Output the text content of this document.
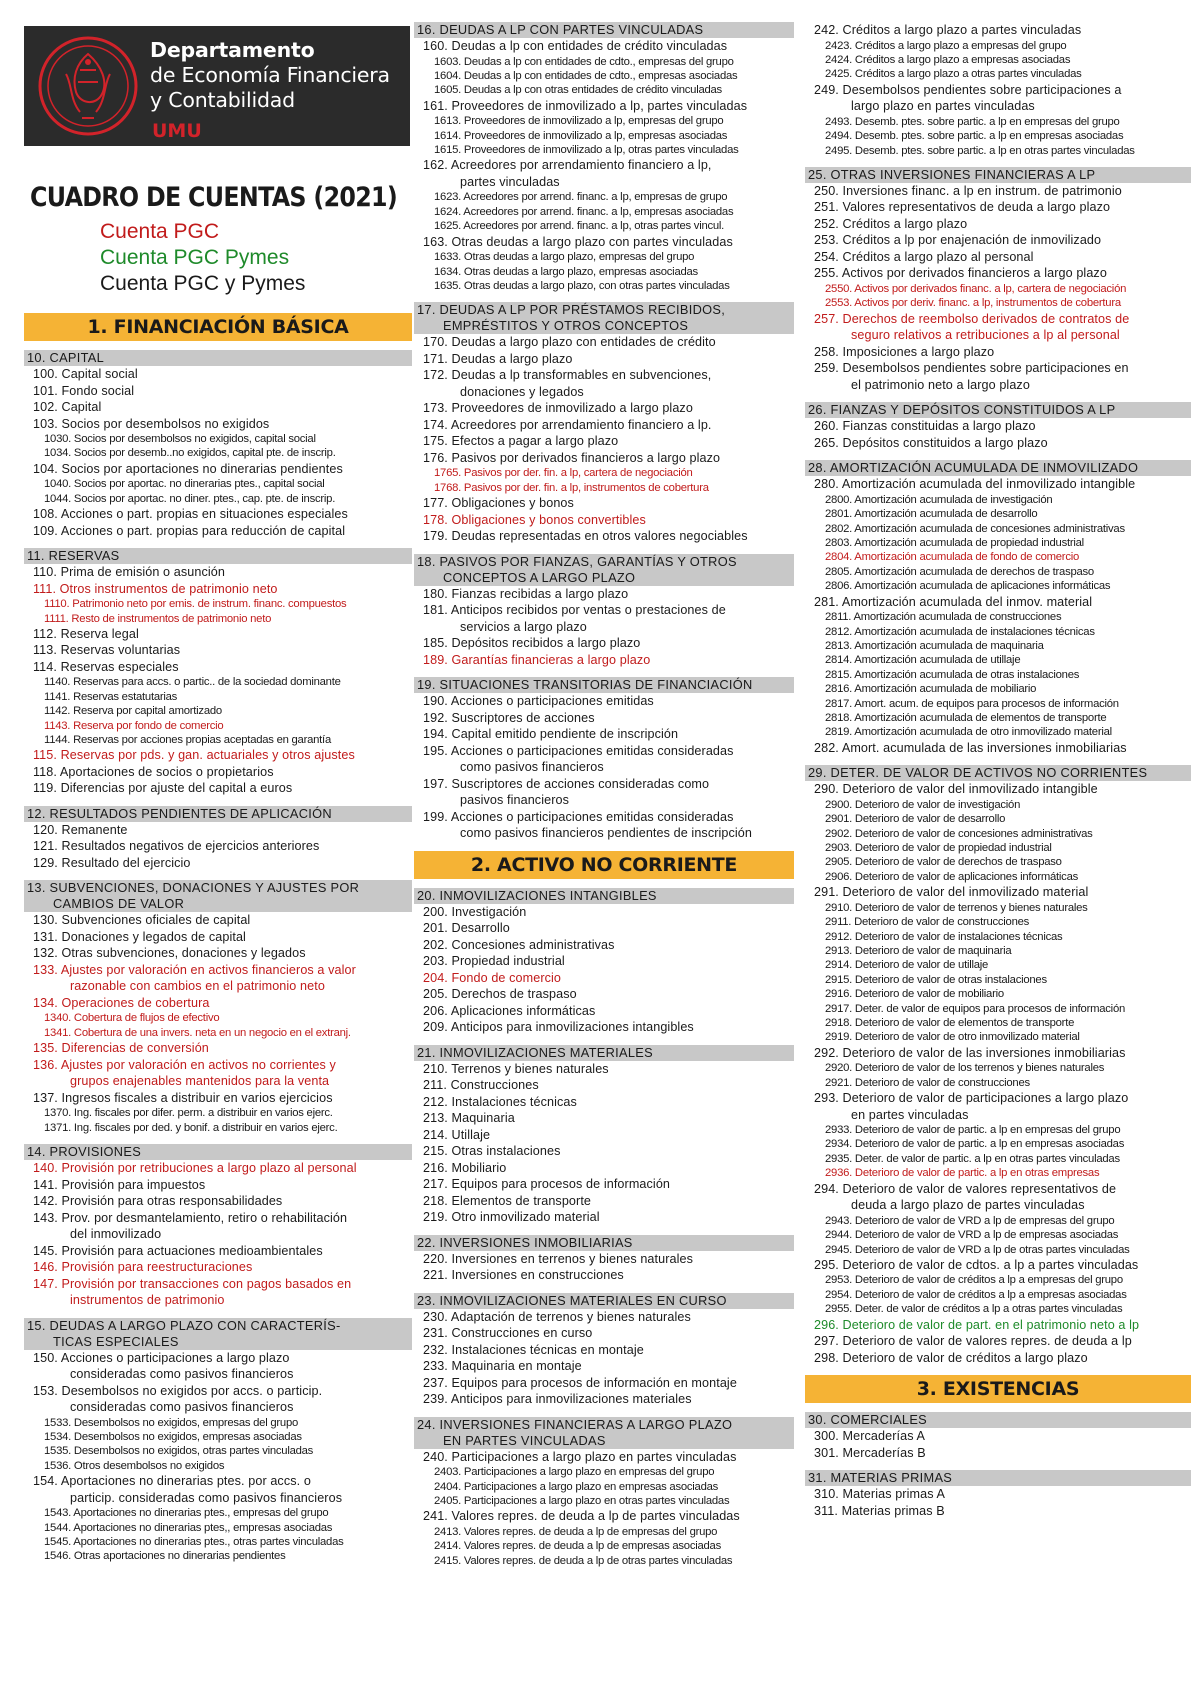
Departamento
de Economía Financiera
y Contabilidad
UMU
CUADRO DE CUENTAS (2021)
Cuenta PGC
Cuenta PGC Pymes
Cuenta PGC y Pymes
1. FINANCIACIÓN BÁSICA
10. CAPITAL
100. Capital social
101. Fondo social
102. Capital
103. Socios por desembolsos no exigidos
1030. Socios por desembolsos no exigidos, capital social
1034. Socios por desemb..no exigidos, capital pte. de inscrip.
104. Socios por aportaciones no dinerarias pendientes
1040. Socios por aportac. no dinerarias ptes., capital social
1044. Socios por aportac. no diner. ptes., cap. pte. de inscrip.
108. Acciones o part. propias en situaciones especiales
109. Acciones o part. propias para reducción de capital
11. RESERVAS
110. Prima de emisión o asunción
111. Otros instrumentos de patrimonio neto
1110. Patrimonio neto por emis. de instrum. financ. compuestos
1111. Resto de instrumentos de patrimonio neto
112. Reserva legal
113. Reservas voluntarias
114. Reservas especiales
1140. Reservas para accs. o partic.. de la sociedad dominante
1141. Reservas estatutarias
1142. Reserva por capital amortizado
1143. Reserva por fondo de comercio
1144. Reservas por acciones propias aceptadas en garantía
115. Reservas por pds. y gan. actuariales y otros ajustes
118. Aportaciones de socios o propietarios
119. Diferencias por ajuste del capital a euros
12. RESULTADOS PENDIENTES DE APLICACIÓN
120. Remanente
121. Resultados negativos de ejercicios anteriores
129. Resultado del ejercicio
13. SUBVENCIONES, DONACIONES Y AJUSTES POR
CAMBIOS DE VALOR
130. Subvenciones oficiales de capital
131. Donaciones y legados de capital
132. Otras subvenciones, donaciones y legados
133. Ajustes por valoración en activos financieros a valor
razonable con cambios en el patrimonio neto
134. Operaciones de cobertura
1340. Cobertura de flujos de efectivo
1341. Cobertura de una invers. neta en un negocio en el extranj.
135. Diferencias de conversión
136. Ajustes por valoración en activos no corrientes y
grupos enajenables mantenidos para la venta
137. Ingresos fiscales a distribuir en varios ejercicios
1370. Ing. fiscales por difer. perm. a distribuir en varios ejerc.
1371. Ing. fiscales por ded. y bonif. a distribuir en varios ejerc.
14. PROVISIONES
140. Provisión por retribuciones a largo plazo al personal
141. Provisión para impuestos
142. Provisión para otras responsabilidades
143. Prov. por desmantelamiento, retiro o rehabilitación
del inmovilizado
145. Provisión para actuaciones medioambientales
146. Provisión para reestructuraciones
147. Provisión por transacciones con pagos basados en
instrumentos de patrimonio
15. DEUDAS A LARGO PLAZO CON CARACTERÍS-
TICAS ESPECIALES
150. Acciones o participaciones a largo plazo
consideradas como pasivos financieros
153. Desembolsos no exigidos por accs. o particip.
consideradas como pasivos financieros
1533. Desembolsos no exigidos, empresas del grupo
1534. Desembolsos no exigidos, empresas asociadas
1535. Desembolsos no exigidos, otras partes vinculadas
1536. Otros desembolsos no exigidos
154. Aportaciones no dinerarias ptes. por accs. o
particip. consideradas como pasivos financieros
1543. Aportaciones no dinerarias ptes., empresas del grupo
1544. Aportaciones no dinerarias ptes,, empresas asociadas
1545. Aportaciones no dinerarias ptes., otras partes vinculadas
1546. Otras aportaciones no dinerarias pendientes
16. DEUDAS A LP CON PARTES VINCULADAS
160. Deudas a lp con entidades de crédito vinculadas
1603. Deudas a lp con entidades de cdto., empresas del grupo
1604. Deudas a lp con entidades de cdto., empresas asociadas
1605. Deudas a lp con otras entidades de crédito vinculadas
161. Proveedores de inmovilizado a lp, partes vinculadas
1613. Proveedores de inmovilizado a lp, empresas del grupo
1614. Proveedores de inmovilizado a lp, empresas asociadas
1615. Proveedores de inmovilizado a lp, otras partes vinculadas
162. Acreedores por arrendamiento financiero a lp,
partes vinculadas
1623. Acreedores por arrend. financ. a lp, empresas de grupo
1624. Acreedores por arrend. financ. a lp, empresas asociadas
1625. Acreedores por arrend. financ. a lp, otras partes vincul.
163. Otras deudas a largo plazo con partes vinculadas
1633. Otras deudas a largo plazo, empresas del grupo
1634. Otras deudas a largo plazo, empresas asociadas
1635. Otras deudas a largo plazo, con otras partes vinculadas
17. DEUDAS A LP POR PRÉSTAMOS RECIBIDOS,
EMPRÉSTITOS Y OTROS CONCEPTOS
170. Deudas a largo plazo con entidades de crédito
171. Deudas a largo plazo
172. Deudas a lp transformables en subvenciones,
donaciones y legados
173. Proveedores de inmovilizado a largo plazo
174. Acreedores por arrendamiento financiero a lp.
175. Efectos a pagar a largo plazo
176. Pasivos por derivados financieros a largo plazo
1765. Pasivos por der. fin. a lp, cartera de negociación
1768. Pasivos por der. fin. a lp, instrumentos de cobertura
177. Obligaciones y bonos
178. Obligaciones y bonos convertibles
179. Deudas representadas en otros valores negociables
18. PASIVOS POR FIANZAS, GARANTÍAS Y OTROS
CONCEPTOS A LARGO PLAZO
180. Fianzas recibidas a largo plazo
181. Anticipos recibidos por ventas o prestaciones de
servicios a largo plazo
185. Depósitos recibidos a largo plazo
189. Garantías financieras a largo plazo
19. SITUACIONES TRANSITORIAS DE FINANCIACIÓN
190. Acciones o participaciones emitidas
192. Suscriptores de acciones
194. Capital emitido pendiente de inscripción
195. Acciones o participaciones emitidas consideradas
como pasivos financieros
197. Suscriptores de acciones consideradas como
pasivos financieros
199. Acciones o participaciones emitidas consideradas
como pasivos financieros pendientes de inscripción
2. ACTIVO NO CORRIENTE
20. INMOVILIZACIONES INTANGIBLES
200. Investigación
201. Desarrollo
202. Concesiones administrativas
203. Propiedad industrial
204. Fondo de comercio
205. Derechos de traspaso
206. Aplicaciones informáticas
209. Anticipos para inmovilizaciones intangibles
21. INMOVILIZACIONES MATERIALES
210. Terrenos y bienes naturales
211. Construcciones
212. Instalaciones técnicas
213. Maquinaria
214. Utillaje
215. Otras instalaciones
216. Mobiliario
217. Equipos para procesos de información
218. Elementos de transporte
219. Otro inmovilizado material
22. INVERSIONES INMOBILIARIAS
220. Inversiones en terrenos y bienes naturales
221. Inversiones en construcciones
23. INMOVILIZACIONES MATERIALES EN CURSO
230. Adaptación de terrenos y bienes naturales
231. Construcciones en curso
232. Instalaciones técnicas en montaje
233. Maquinaria en montaje
237. Equipos para procesos de información en montaje
239. Anticipos para inmovilizaciones materiales
24. INVERSIONES FINANCIERAS A LARGO PLAZO
EN PARTES VINCULADAS
240. Participaciones a largo plazo en partes vinculadas
2403. Participaciones a largo plazo en empresas del grupo
2404. Participaciones a largo plazo en empresas asociadas
2405. Participaciones a largo plazo en otras partes vinculadas
241. Valores repres. de deuda a lp de partes vinculadas
2413. Valores repres. de deuda a lp de empresas del grupo
2414. Valores repres. de deuda a lp de empresas asociadas
2415. Valores repres. de deuda a lp de otras partes vinculadas
242. Créditos a largo plazo a partes vinculadas
2423. Créditos a largo plazo a empresas del grupo
2424. Créditos a largo plazo a empresas asociadas
2425. Créditos a largo plazo a otras partes vinculadas
249. Desembolsos pendientes sobre participaciones a
largo plazo en partes vinculadas
2493. Desemb. ptes. sobre partic. a lp en empresas del grupo
2494. Desemb. ptes. sobre partic. a lp en empresas asociadas
2495. Desemb. ptes. sobre partic. a lp en otras partes vinculadas
25. OTRAS INVERSIONES FINANCIERAS A LP
250. Inversiones financ. a lp en instrum. de patrimonio
251. Valores representativos de deuda a largo plazo
252. Créditos a largo plazo
253. Créditos a lp por enajenación de inmovilizado
254. Créditos a largo plazo al personal
255. Activos por derivados financieros a largo plazo
2550. Activos por derivados financ. a lp, cartera de negociación
2553. Activos por deriv. financ. a lp, instrumentos de cobertura
257. Derechos de reembolso derivados de contratos de
seguro relativos a retribuciones a lp al personal
258. Imposiciones a largo plazo
259. Desembolsos pendientes sobre participaciones en
el patrimonio neto a largo plazo
26. FIANZAS Y DEPÓSITOS CONSTITUIDOS A LP
260. Fianzas constituidas a largo plazo
265. Depósitos constituidos a largo plazo
28. AMORTIZACIÓN ACUMULADA DE INMOVILIZADO
280. Amortización acumulada del inmovilizado intangible
2800. Amortización acumulada de investigación
2801. Amortización acumulada de desarrollo
2802. Amortización acumulada de concesiones administrativas
2803. Amortización acumulada de propiedad industrial
2804. Amortización acumulada de fondo de comercio
2805. Amortización acumulada de derechos de traspaso
2806. Amortización acumulada de aplicaciones informáticas
281. Amortización acumulada del inmov. material
2811. Amortización acumulada de construcciones
2812. Amortización acumulada de instalaciones técnicas
2813. Amortización acumulada de maquinaria
2814. Amortización acumulada de utillaje
2815. Amortización acumulada de otras instalaciones
2816. Amortización acumulada de mobiliario
2817. Amort. acum. de equipos para procesos de información
2818. Amortización acumulada de elementos de transporte
2819. Amortización acumulada de otro inmovilizado material
282. Amort. acumulada de las inversiones inmobiliarias
29. DETER. DE VALOR DE ACTIVOS NO CORRIENTES
290. Deterioro de valor del inmovilizado intangible
2900. Deterioro de valor de investigación
2901. Deterioro de valor de desarrollo
2902. Deterioro de valor de concesiones administrativas
2903. Deterioro de valor de propiedad industrial
2905. Deterioro de valor de derechos de traspaso
2906. Deterioro de valor de aplicaciones informáticas
291. Deterioro de valor del inmovilizado material
2910. Deterioro de valor de terrenos y bienes naturales
2911. Deterioro de valor de construcciones
2912. Deterioro de valor de instalaciones técnicas
2913. Deterioro de valor de maquinaria
2914. Deterioro de valor de utillaje
2915. Deterioro de valor de otras instalaciones
2916. Deterioro de valor de mobiliario
2917. Deter. de valor de equipos para procesos de información
2918. Deterioro de valor de elementos de transporte
2919. Deterioro de valor de otro inmovilizado material
292. Deterioro de valor de las inversiones inmobiliarias
2920. Deterioro de valor de los terrenos y bienes naturales
2921. Deterioro de valor de construcciones
293. Deterioro de valor de participaciones a largo plazo
en partes vinculadas
2933. Deterioro de valor de partic. a lp en empresas del grupo
2934. Deterioro de valor de partic. a lp en empresas asociadas
2935. Deter. de valor de partic. a lp en otras partes vinculadas
2936. Deterioro de valor de partic. a lp en otras empresas
294. Deterioro de valor de valores representativos de
deuda a largo plazo de partes vinculadas
2943. Deterioro de valor de VRD a lp de empresas del grupo
2944. Deterioro de valor de VRD a lp de empresas asociadas
2945. Deterioro de valor de VRD a lp de otras partes vinculadas
295. Deterioro de valor de cdtos. a lp a partes vinculadas
2953. Deterioro de valor de créditos a lp a empresas del grupo
2954. Deterioro de valor de créditos a lp a empresas asociadas
2955. Deter. de valor de créditos a lp a otras partes vinculadas
296. Deterioro de valor de part. en el patrimonio neto a lp
297. Deterioro de valor de valores repres. de deuda a lp
298. Deterioro de valor de créditos a largo plazo
3. EXISTENCIAS
30. COMERCIALES
300. Mercaderías A
301. Mercaderías B
31. MATERIAS PRIMAS
310. Materias primas A
311. Materias primas B
